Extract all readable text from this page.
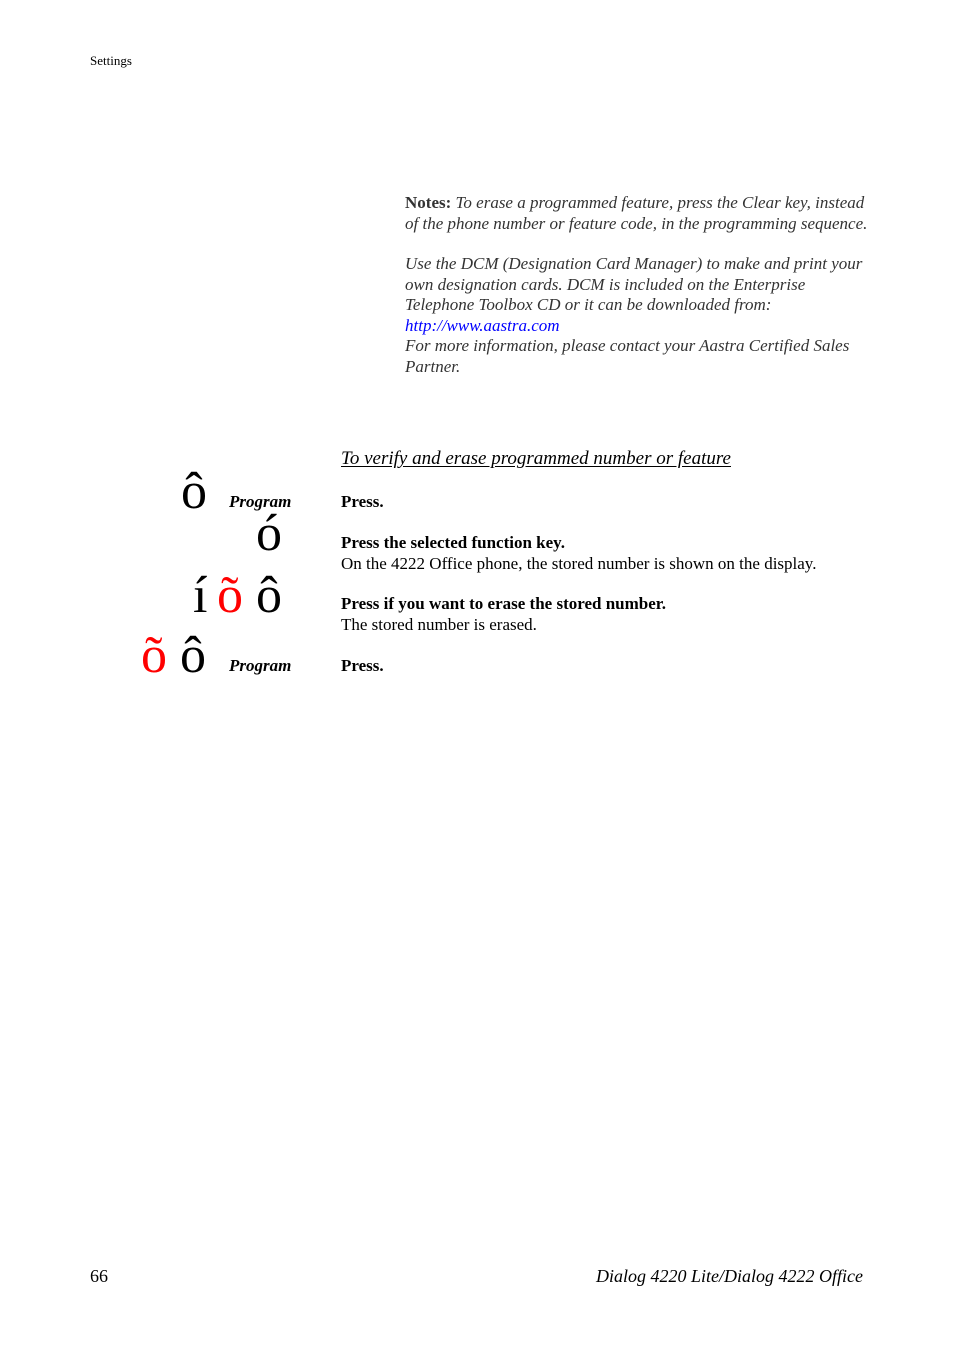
Settings

Notes: To erase a programmed feature, press the Clear key, instead of the phone number or feature code, in the programming sequence.

Use the DCM (Designation Card Manager) to make and print your own designation cards. DCM is included on the Enterprise Telephone Toolbox CD or it can be downloaded from:

http://www.aastra.com

For more information, please contact your Aastra Certified Sales Partner.

To verify and erase programmed number or feature
ô Program
ó
í õ ô
õ ô Program
Press.
Press the selected function key.
On the 4222 Office phone, the stored number is shown on the display.
Press if you want to erase the stored number.
The stored number is erased.
Press.
66	Dialog 4220 Lite/Dialog 4222 Office
